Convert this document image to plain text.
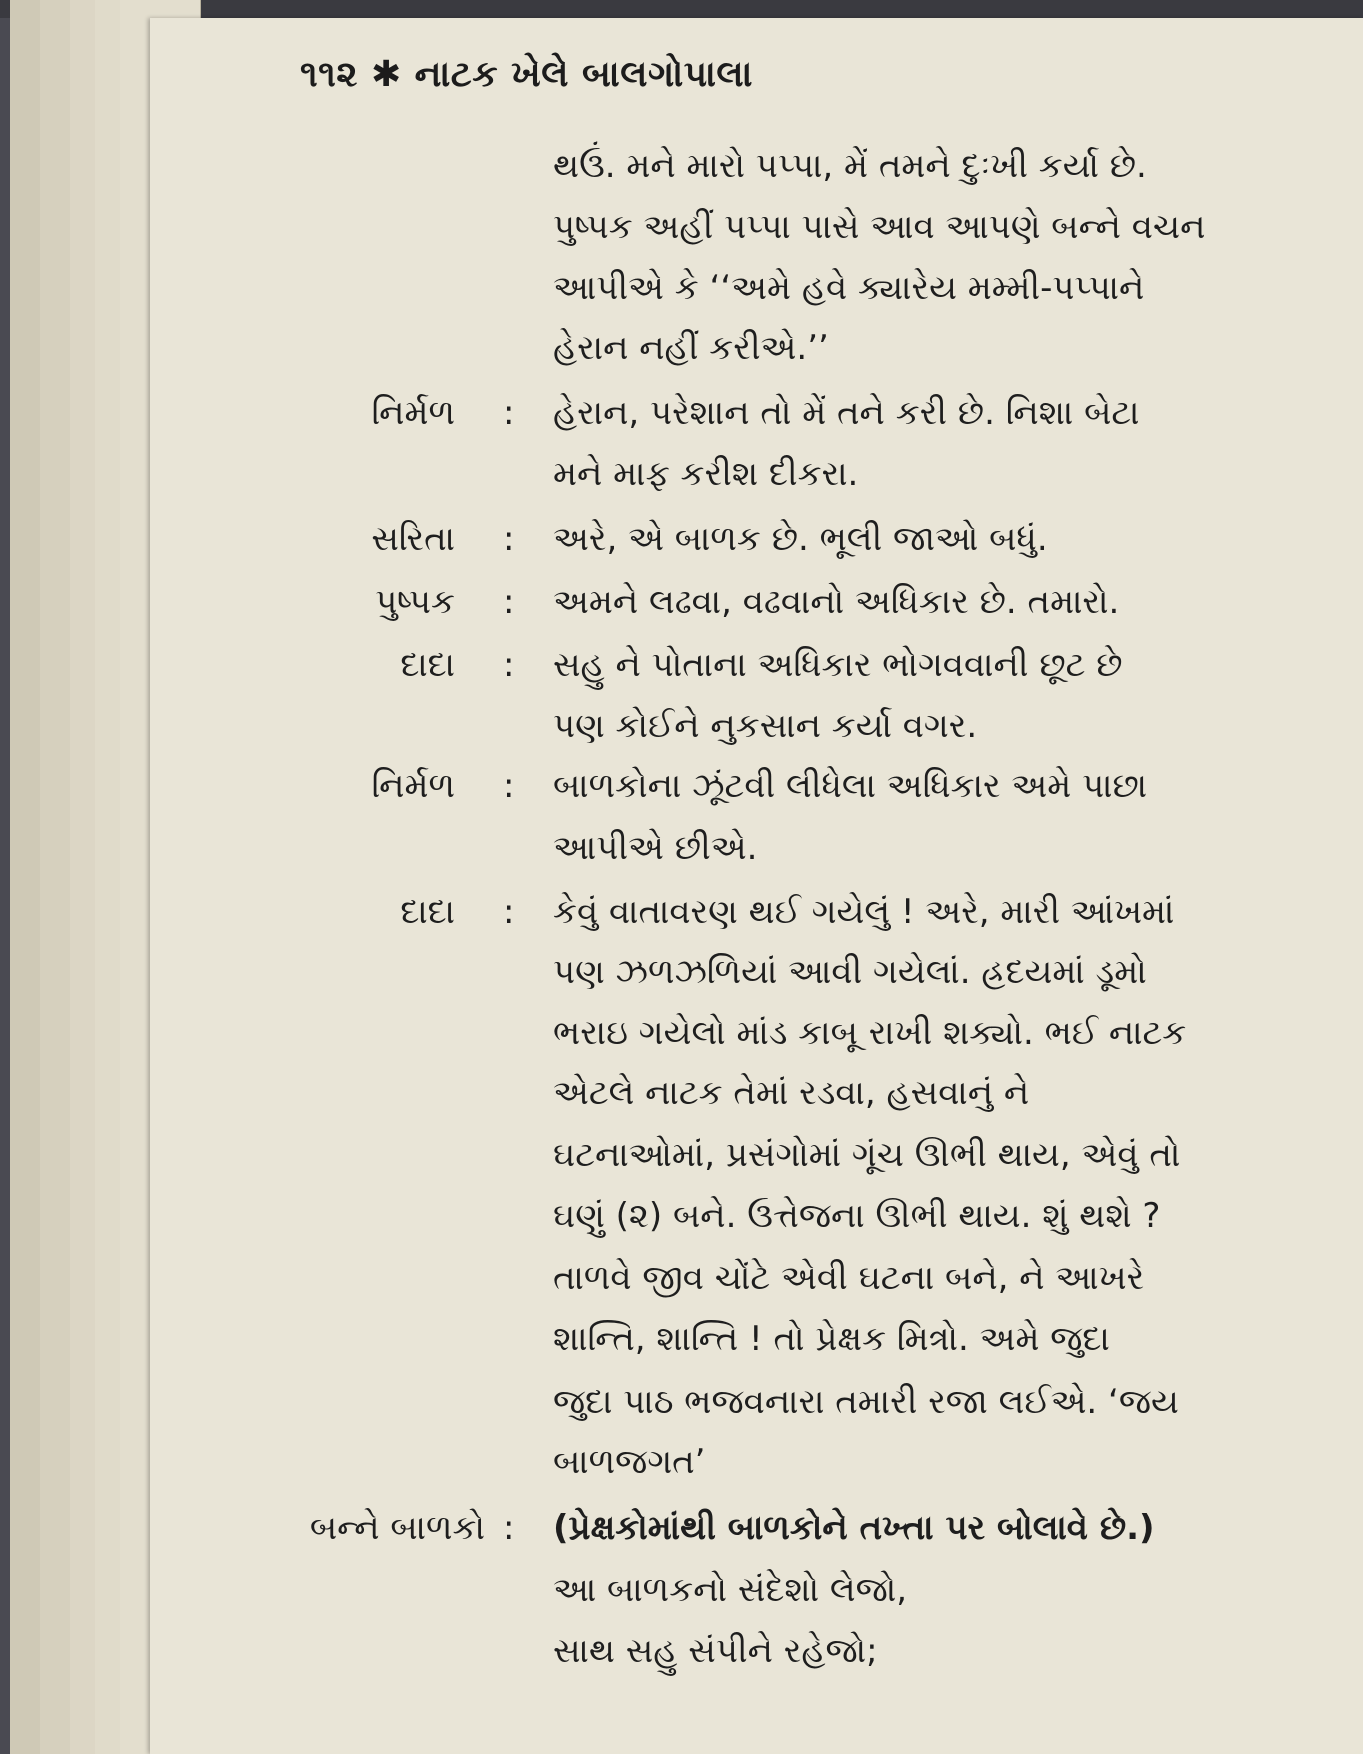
૧૧૨ ✱ નાટક ખેલે બાલગોપાલા
થઉં. મને મારો પપ્પા, મેં તમને દુઃખી કર્યા છે.
પુષ્પક અહીં પપ્પા પાસે આવ આપણે બન્ને વચન
આપીએ કે ‘‘અમે હવે ક્યારેય મમ્મી-પપ્પાને
હેરાન નહીં કરીએ.’’
નિર્મળ : હેરાન, પરેશાન તો મેં તને કરી છે. નિશા બેટા
મને માફ કરીશ દીકરા.
સરિતા : અરે, એ બાળક છે. ભૂલી જાઓ બધું.
પુષ્પક : અમને લઢવા, વઢવાનો અધિકાર છે. તમારો.
દાદા : સહુ ને પોતાના અધિકાર ભોગવવાની છૂટ છે
પણ કોઈને નુકસાન કર્યા વગર.
નિર્મળ : બાળકોના ઝૂંટવી લીધેલા અધિકાર અમે પાછા
આપીએ છીએ.
દાદા : કેવું વાતાવરણ થઈ ગયેલું ! અરે, મારી આંખમાં
પણ ઝળઝળિયાં આવી ગયેલાં. હ્રદયમાં ડૂમો
ભરાઇ ગયેલો માંડ કાબૂ રાખી શક્યો. ભઈ નાટક
એટલે નાટક તેમાં રડવા, હસવાનું ને
ઘટનાઓમાં, પ્રસંગોમાં ગૂંચ ઊભી થાય, એવું તો
ઘણું (૨) બને. ઉત્તેજના ઊભી થાય. શું થશે ?
તાળવે જીવ ચોંટે એવી ઘટના બને, ને આખરે
શાન્તિ, શાન્તિ ! તો પ્રેક્ષક મિત્રો. અમે જુદા
જુદા પાઠ ભજવનારા તમારી રજા લઈએ. ‘જય
બાળજગત’
બન્ને બાળકો : (પ્રેક્ષકોમાંથી બાળકોને તખ્તા પર બોલાવે છે.)
આ બાળકનો સંદેશો લેજો,
સાથ સહુ સંપીને રહેજો;
